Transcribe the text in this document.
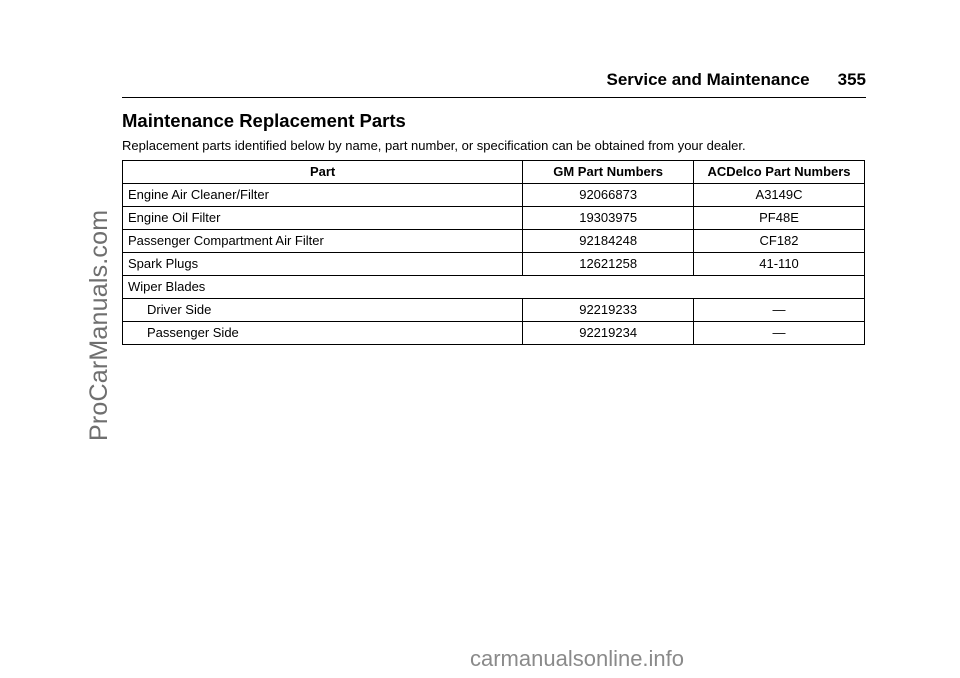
ProCarManuals.com
Service and Maintenance 355
Maintenance Replacement Parts
Replacement parts identified below by name, part number, or specification can be obtained from your dealer.
Part	GM Part Numbers	ACDelco Part Numbers
Engine Air Cleaner/Filter	92066873	A3149C
Engine Oil Filter	19303975	PF48E
Passenger Compartment Air Filter	92184248	CF182
Spark Plugs	12621258	41-110
Wiper Blades		
Driver Side	92219233	—
Passenger Side	92219234	—
carmanualsonline.info
